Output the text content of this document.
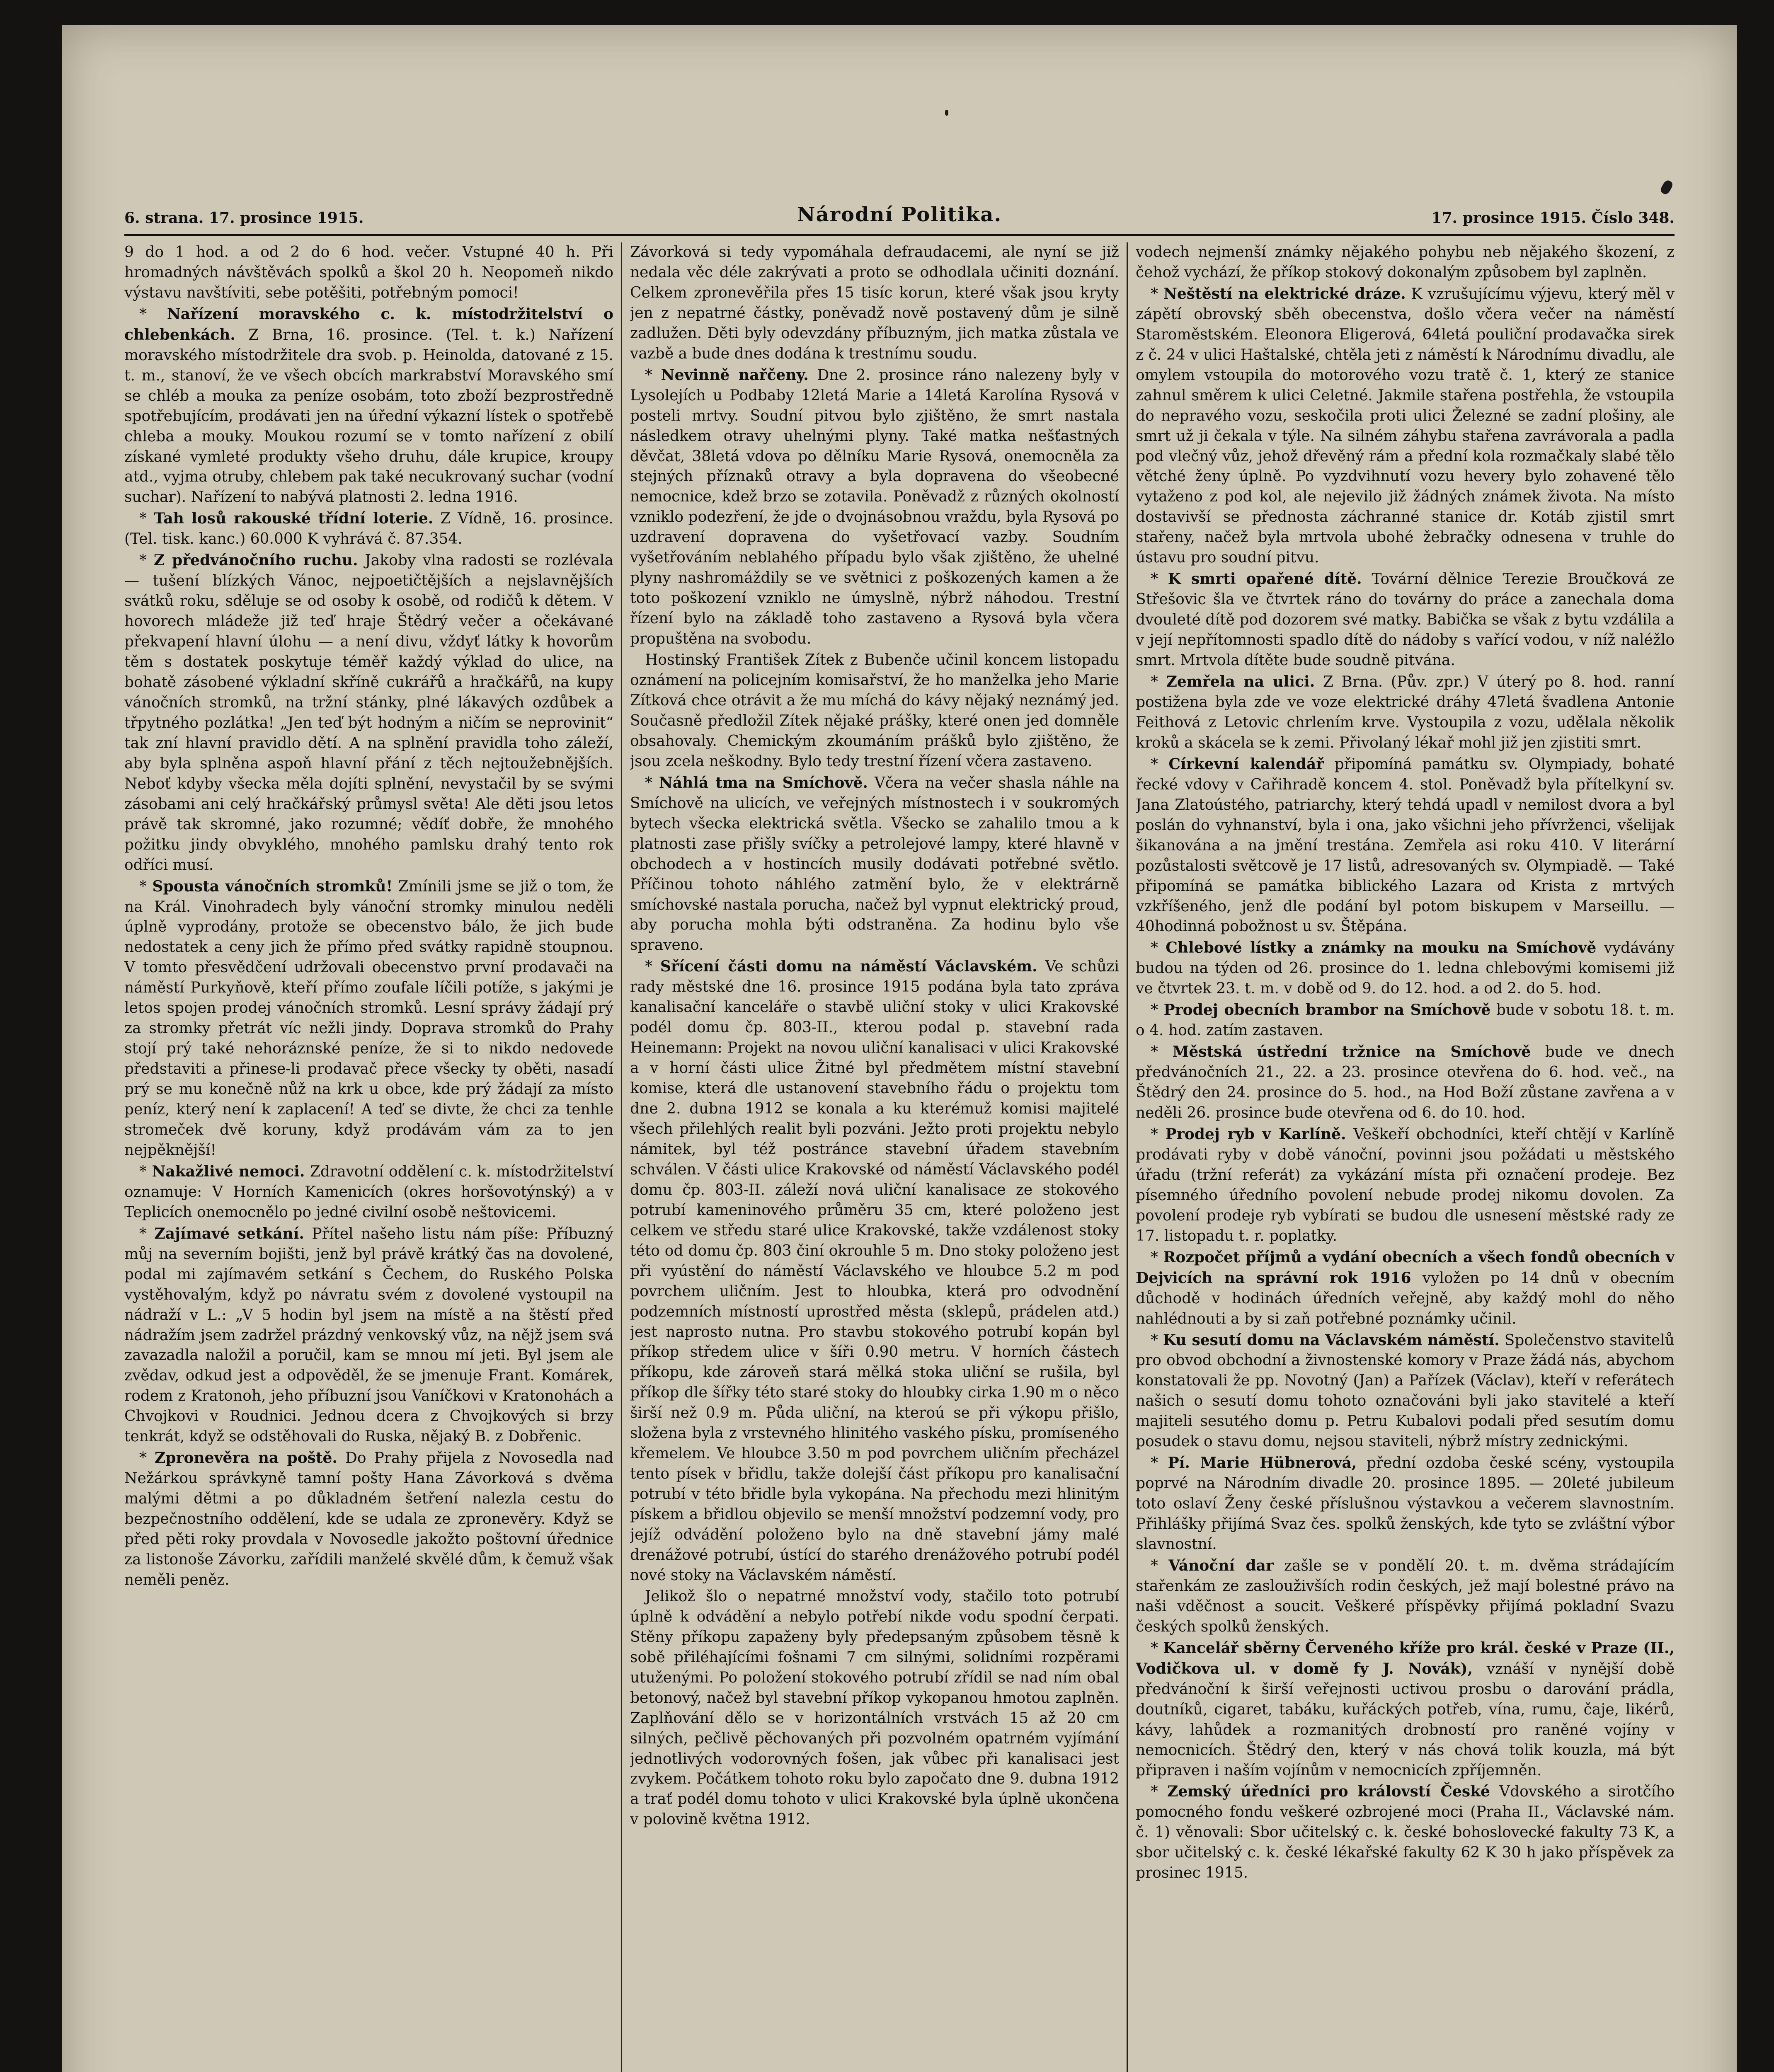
6. strana. 17. prosince 1915.	Národní Politika.	17. prosince 1915. Číslo 348.

9 do 1 hod. a od 2 do 6 hod. večer. Vstupné 40 h. Při hromadných návštěvách spolků a škol 20 h. Neopomeň nikdo výstavu navštíviti, sebe potěšiti, potřebným pomoci!

* Nařízení moravského c. k. místodržitelství o chlebenkách. Z Brna, 16. prosince. (Tel. t. k.) Nařízení moravského místodržitele dra svob. p. Heinolda, datované z 15. t. m., stanoví, že ve všech obcích markrabství Moravského smí se chléb a mouka za peníze osobám, toto zboží bezprostředně spotřebujícím, prodávati jen na úřední výkazní lístek o spotřebě chleba a mouky. Moukou rozumí se v tomto nařízení z obilí získané vymleté produkty všeho druhu, dále krupice, kroupy atd., vyjma otruby, chlebem pak také necukrovaný suchar (vodní suchar). Nařízení to nabývá platnosti 2. ledna 1916.

* Tah losů rakouské třídní loterie. Z Vídně, 16. prosince. (Tel. tisk. kanc.) 60.000 K vyhrává č. 87.354.

* Z předvánočního ruchu. Jakoby vlna radosti se rozlévala — tušení blízkých Vánoc, nejpoetičtějších a nejslavnějších svátků roku, sděluje se od osoby k osobě, od rodičů k dětem. V hovorech mládeže již teď hraje Štědrý večer a očekávané překvapení hlavní úlohu — a není divu, vždyť látky k hovorům těm s dostatek poskytuje téměř každý výklad do ulice, na bohatě zásobené výkladní skříně cukrářů a hračkářů, na kupy vánočních stromků, na tržní stánky, plné lákavých ozdůbek a třpytného pozlátka! „Jen teď být hodným a ničím se neprovinit“ tak zní hlavní pravidlo dětí. A na splnění pravidla toho záleží, aby byla splněna aspoň hlavní přání z těch nejtoužebnějších. Neboť kdyby všecka měla dojíti splnění, nevystačil by se svými zásobami ani celý hračkářský průmysl světa! Ale děti jsou letos právě tak skromné, jako rozumné; vědíť dobře, že mnohého požitku jindy obvyklého, mnohého pamlsku drahý tento rok odříci musí.

* Spousta vánočních stromků! Zmínili jsme se již o tom, že na Král. Vinohradech byly vánoční stromky minulou neděli úplně vyprodány, protože se obecenstvo bálo, že jich bude nedostatek a ceny jich že přímo před svátky rapidně stoupnou. V tomto přesvědčení udržovali obecenstvo první prodavači na náměstí Purkyňově, kteří přímo zoufale líčili potíže, s jakými je letos spojen prodej vánočních stromků. Lesní správy žádají prý za stromky přetrát víc nežli jindy. Doprava stromků do Prahy stojí prý také nehoráznské peníze, že si to nikdo nedovede představiti a přinese-li prodavač přece všecky ty oběti, nasadí prý se mu konečně nůž na krk u obce, kde prý žádají za místo peníz, který není k zaplacení! A teď se divte, že chci za tenhle stromeček dvě koruny, když prodávám vám za to jen nejpěknější!

* Nakažlivé nemoci. Zdravotní oddělení c. k. místodržitelství oznamuje: V Horních Kamenicích (okres horšovotýnský) a v Teplicích onemocnělo po jedné civilní osobě neštovicemi.

* Zajímavé setkání. Přítel našeho listu nám píše: Příbuzný můj na severním bojišti, jenž byl právě krátký čas na dovolené, podal mi zajímavém setkání s Čechem, do Ruského Polska vystěhovalým, když po návratu svém z dovolené vystoupil na nádraží v L.: „V 5 hodin byl jsem na místě a na štěstí před nádražím jsem zadržel prázdný venkovský vůz, na nějž jsem svá zavazadla naložil a poručil, kam se mnou mí jeti. Byl jsem ale zvědav, odkud jest a odpověděl, že se jmenuje Frant. Komárek, rodem z Kratonoh, jeho příbuzní jsou Vaníčkovi v Kratonohách a Chvojkovi v Roudnici. Jednou dcera z Chvojkových si brzy tenkrát, když se odstěhovali do Ruska, nějaký B. z Dobřenic.

* Zpronevěra na poště. Do Prahy přijela z Novosedla nad Nežárkou správkyně tamní pošty Hana Závorková s dvěma malými dětmi a po důkladném šetření nalezla cestu do bezpečnostního oddělení, kde se udala ze zpronevěry. Když se před pěti roky provdala v Novosedle jakožto poštovní úřednice za listonoše Závorku, zařídili manželé skvělé dům, k čemuž však neměli peněz.

Závorková si tedy vypomáhala defraudacemi, ale nyní se již nedala věc déle zakrývati a proto se odhodlala učiniti doznání. Celkem zpronevěřila přes 15 tisíc korun, které však jsou kryty jen z nepatrné částky, poněvadž nově postavený dům je silně zadlužen. Děti byly odevzdány příbuzným, jich matka zůstala ve vazbě a bude dnes dodána k trestnímu soudu.

* Nevinně nařčeny. Dne 2. prosince ráno nalezeny byly v Lysolejích u Podbaby 12letá Marie a 14letá Karolína Rysová v posteli mrtvy. Soudní pitvou bylo zjištěno, že smrt nastala následkem otravy uhelnými plyny. Také matka nešťastných děvčat, 38letá vdova po dělníku Marie Rysová, onemocněla za stejných příznaků otravy a byla dopravena do všeobecné nemocnice, kdež brzo se zotavila. Poněvadž z různých okolností vzniklo podezření, že jde o dvojnásobnou vraždu, byla Rysová po uzdravení dopravena do vyšetřovací vazby. Soudním vyšetřováním neblahého případu bylo však zjištěno, že uhelné plyny nashromáždily se ve světnici z poškozených kamen a že toto poškození vzniklo ne úmyslně, nýbrž náhodou. Trestní řízení bylo na základě toho zastaveno a Rysová byla včera propuštěna na svobodu.

Hostinský František Zítek z Bubenče učinil koncem listopadu oznámení na policejním komisařství, že ho manželka jeho Marie Zítková chce otrávit a že mu míchá do kávy nějaký neznámý jed. Současně předložil Zítek nějaké prášky, které onen jed domněle obsahovaly. Chemickým zkoumáním prášků bylo zjištěno, že jsou zcela neškodny. Bylo tedy trestní řízení včera zastaveno.

* Náhlá tma na Smíchově. Včera na večer shasla náhle na Smíchově na ulicích, ve veřejných místnostech i v soukromých bytech všecka elektrická světla. Všecko se zahalilo tmou a k platnosti zase přišly svíčky a petrolejové lampy, které hlavně v obchodech a v hostincích musily dodávati potřebné světlo. Příčinou tohoto náhlého zatmění bylo, že v elektrárně smíchovské nastala porucha, načež byl vypnut elektrický proud, aby porucha mohla býti odstraněna. Za hodinu bylo vše spraveno.

* Sřícení části domu na náměstí Václavském. Ve schůzi rady městské dne 16. prosince 1915 podána byla tato zpráva kanalisační kanceláře o stavbě uliční stoky v ulici Krakovské podél domu čp. 803-II., kterou podal p. stavební rada Heinemann: Projekt na novou uliční kanalisaci v ulici Krakovské a v horní části ulice Žitné byl předmětem místní stavební komise, která dle ustanovení stavebního řádu o projektu tom dne 2. dubna 1912 se konala a ku kterémuž komisi majitelé všech přilehlých realit byli pozváni. Ježto proti projektu nebylo námitek, byl též postránce stavební úřadem stavebním schválen. V části ulice Krakovské od náměstí Václavského podél domu čp. 803-II. záleží nová uliční kanalisace ze stokového potrubí kameninového průměru 35 cm, které položeno jest celkem ve středu staré ulice Krakovské, takže vzdálenost stoky této od domu čp. 803 činí okrouhle 5 m. Dno stoky položeno jest při vyústění do náměstí Václavského ve hloubce 5.2 m pod povrchem uličním. Jest to hloubka, která pro odvodnění podzemních místností uprostřed města (sklepů, prádelen atd.) jest naprosto nutna. Pro stavbu stokového potrubí kopán byl příkop středem ulice v šíři 0.90 metru. V horních částech příkopu, kde zároveň stará mělká stoka uliční se rušila, byl příkop dle šířky této staré stoky do hloubky cirka 1.90 m o něco širší než 0.9 m. Půda uliční, na kteroú se při výkopu přišlo, složena byla z vrstevného hlinitého vaského písku, promíseného křemelem. Ve hloubce 3.50 m pod povrchem uličním přecházel tento písek v břidlu, takže dolejší část příkopu pro kanalisační potrubí v této břidle byla vykopána. Na přechodu mezi hlinitým pískem a břidlou objevilo se menší množství podzemní vody, pro jejíž odvádění položeno bylo na dně stavební jámy malé drenážové potrubí, ústící do starého drenážového potrubí podél nové stoky na Václavském náměstí.

Jelikož šlo o nepatrné množství vody, stačilo toto potrubí úplně k odvádění a nebylo potřebí nikde vodu spodní čerpati. Stěny příkopu zapaženy byly předepsaným způsobem těsně k sobě přiléhajícími fošnami 7 cm silnými, solidními rozpěrami utuženými. Po položení stokového potrubí zřídil se nad ním obal betonový, načež byl stavební příkop vykopanou hmotou zaplněn. Zaplňování dělo se v horizontálních vrstvách 15 až 20 cm silných, pečlivě pěchovaných při pozvolném opatrném vyjímání jednotlivých vodorovných fošen, jak vůbec při kanalisaci jest zvykem. Počátkem tohoto roku bylo započato dne 9. dubna 1912 a trať podél domu tohoto v ulici Krakovské byla úplně ukončena v polovině května 1912.

vodech nejmenší známky nějakého pohybu neb nějakého škození, z čehož vychází, že příkop stokový dokonalým způsobem byl zaplněn.

* Neštěstí na elektrické dráze. K vzrušujícímu výjevu, který měl v zápětí obrovský sběh obecenstva, došlo včera večer na náměstí Staroměstském. Eleonora Eligerová, 64letá pouliční prodavačka sirek z č. 24 v ulici Haštalské, chtěla jeti z náměstí k Národnímu divadlu, ale omylem vstoupila do motorového vozu tratě č. 1, který ze stanice zahnul směrem k ulici Celetné. Jakmile stařena postřehla, že vstoupila do nepravého vozu, seskočila proti ulici Železné se zadní plošiny, ale smrt už ji čekala v týle. Na silném záhybu stařena zavrávorala a padla pod vlečný vůz, jehož dřevěný rám a přední kola rozmačkaly slabé tělo větché ženy úplně. Po vyzdvihnutí vozu hevery bylo zohavené tělo vytaženo z pod kol, ale nejevilo již žádných známek života. Na místo dostavivší se přednosta záchranné stanice dr. Kotáb zjistil smrt stařeny, načež byla mrtvola ubohé žebračky odnesena v truhle do ústavu pro soudní pitvu.

* K smrti opařené dítě. Tovární dělnice Terezie Broučková ze Střešovic šla ve čtvrtek ráno do továrny do práce a zanechala doma dvouleté dítě pod dozorem své matky. Babička se však z bytu vzdálila a v její nepřítomnosti spadlo dítě do nádoby s vařící vodou, v níž naléžlo smrt. Mrtvola dítěte bude soudně pitvána.

* Zemřela na ulici. Z Brna. (Pův. zpr.) V úterý po 8. hod. ranní postižena byla zde ve voze elektrické dráhy 47letá švadlena Antonie Feithová z Letovic chrlením krve. Vystoupila z vozu, udělala několik kroků a skácela se k zemi. Přivolaný lékař mohl již jen zjistiti smrt.

* Církevní kalendář připomíná památku sv. Olympiady, bohaté řecké vdovy v Cařihradě koncem 4. stol. Poněvadž byla přítelkyní sv. Jana Zlatoústého, patriarchy, který tehdá upadl v nemilost dvora a byl poslán do vyhnanství, byla i ona, jako všichni jeho přívrženci, všelijak šikanována a na jmění trestána. Zemřela asi roku 410. V literární pozůstalosti světcově je 17 listů, adresovaných sv. Olympiadě. — Také připomíná se památka biblického Lazara od Krista z mrtvých vzkříšeného, jenž dle podání byl potom biskupem v Marseillu. — 40hodinná pobožnost u sv. Štěpána.

* Chlebové lístky a známky na mouku na Smíchově vydávány budou na týden od 26. prosince do 1. ledna chlebovými komisemi již ve čtvrtek 23. t. m. v době od 9. do 12. hod. a od 2. do 5. hod.

* Prodej obecních brambor na Smíchově bude v sobotu 18. t. m. o 4. hod. zatím zastaven.

* Městská ústřední tržnice na Smíchově bude ve dnech předvánočních 21., 22. a 23. prosince otevřena do 6. hod. več., na Štědrý den 24. prosince do 5. hod., na Hod Boží zůstane zavřena a v neděli 26. prosince bude otevřena od 6. do 10. hod.

* Prodej ryb v Karlíně. Veškeří obchodníci, kteří chtějí v Karlíně prodávati ryby v době vánoční, povinni jsou požádati u městského úřadu (tržní referát) za vykázání místa při označení prodeje. Bez písemného úředního povolení nebude prodej nikomu dovolen. Za povolení prodeje ryb vybírati se budou dle usnesení městské rady ze 17. listopadu t. r. poplatky.

* Rozpočet příjmů a vydání obecních a všech fondů obecních v Dejvicích na správní rok 1916 vyložen po 14 dnů v obecním důchodě v hodinách úředních veřejně, aby každý mohl do něho nahlédnouti a by si zaň potřebné poznámky učinil.

* Ku sesutí domu na Václavském náměstí. Společenstvo stavitelů pro obvod obchodní a živnostenské komory v Praze žádá nás, abychom konstatovali že pp. Novotný (Jan) a Pařízek (Václav), kteří v referátech našich o sesutí domu tohoto označováni byli jako stavitelé a kteří majiteli sesutého domu p. Petru Kubalovi podali před sesutím domu posudek o stavu domu, nejsou staviteli, nýbrž místry zednickými.

* Pí. Marie Hübnerová, přední ozdoba české scény, vystoupila poprvé na Národním divadle 20. prosince 1895. — 20leté jubileum toto oslaví Ženy české příslušnou výstavkou a večerem slavnostním. Přihlášky přijímá Svaz čes. spolků ženských, kde tyto se zvláštní výbor slavnostní.

* Vánoční dar zašle se v pondělí 20. t. m. dvěma strádajícím stařenkám ze zaslouživších rodin českých, jež mají bolestné právo na naši vděčnost a soucit. Veškeré příspěvky přijímá pokladní Svazu českých spolků ženských.

* Kancelář sběrny Červeného kříže pro král. české v Praze (II., Vodičkova ul. v domě fy J. Novák), vznáší v nynější době předvánoční k širší veřejnosti uctivou prosbu o darování prádla, doutníků, cigaret, tabáku, kuřáckých potřeb, vína, rumu, čaje, likérů, kávy, lahůdek a rozmanitých drobností pro raněné vojíny v nemocnicích. Štědrý den, který v nás chová tolik kouzla, má být připraven i naším vojínům v nemocnicích zpříjemněn.

* Zemský úředníci pro královstí České Vdovského a sirotčího pomocného fondu veškeré ozbrojené moci (Praha II., Václavské nám. č. 1) věnovali: Sbor učitelský c. k. české bohoslovecké fakulty 73 K, a sbor učitelský c. k. české lékařské fakulty 62 K 30 h jako příspěvek za prosinec 1915.
